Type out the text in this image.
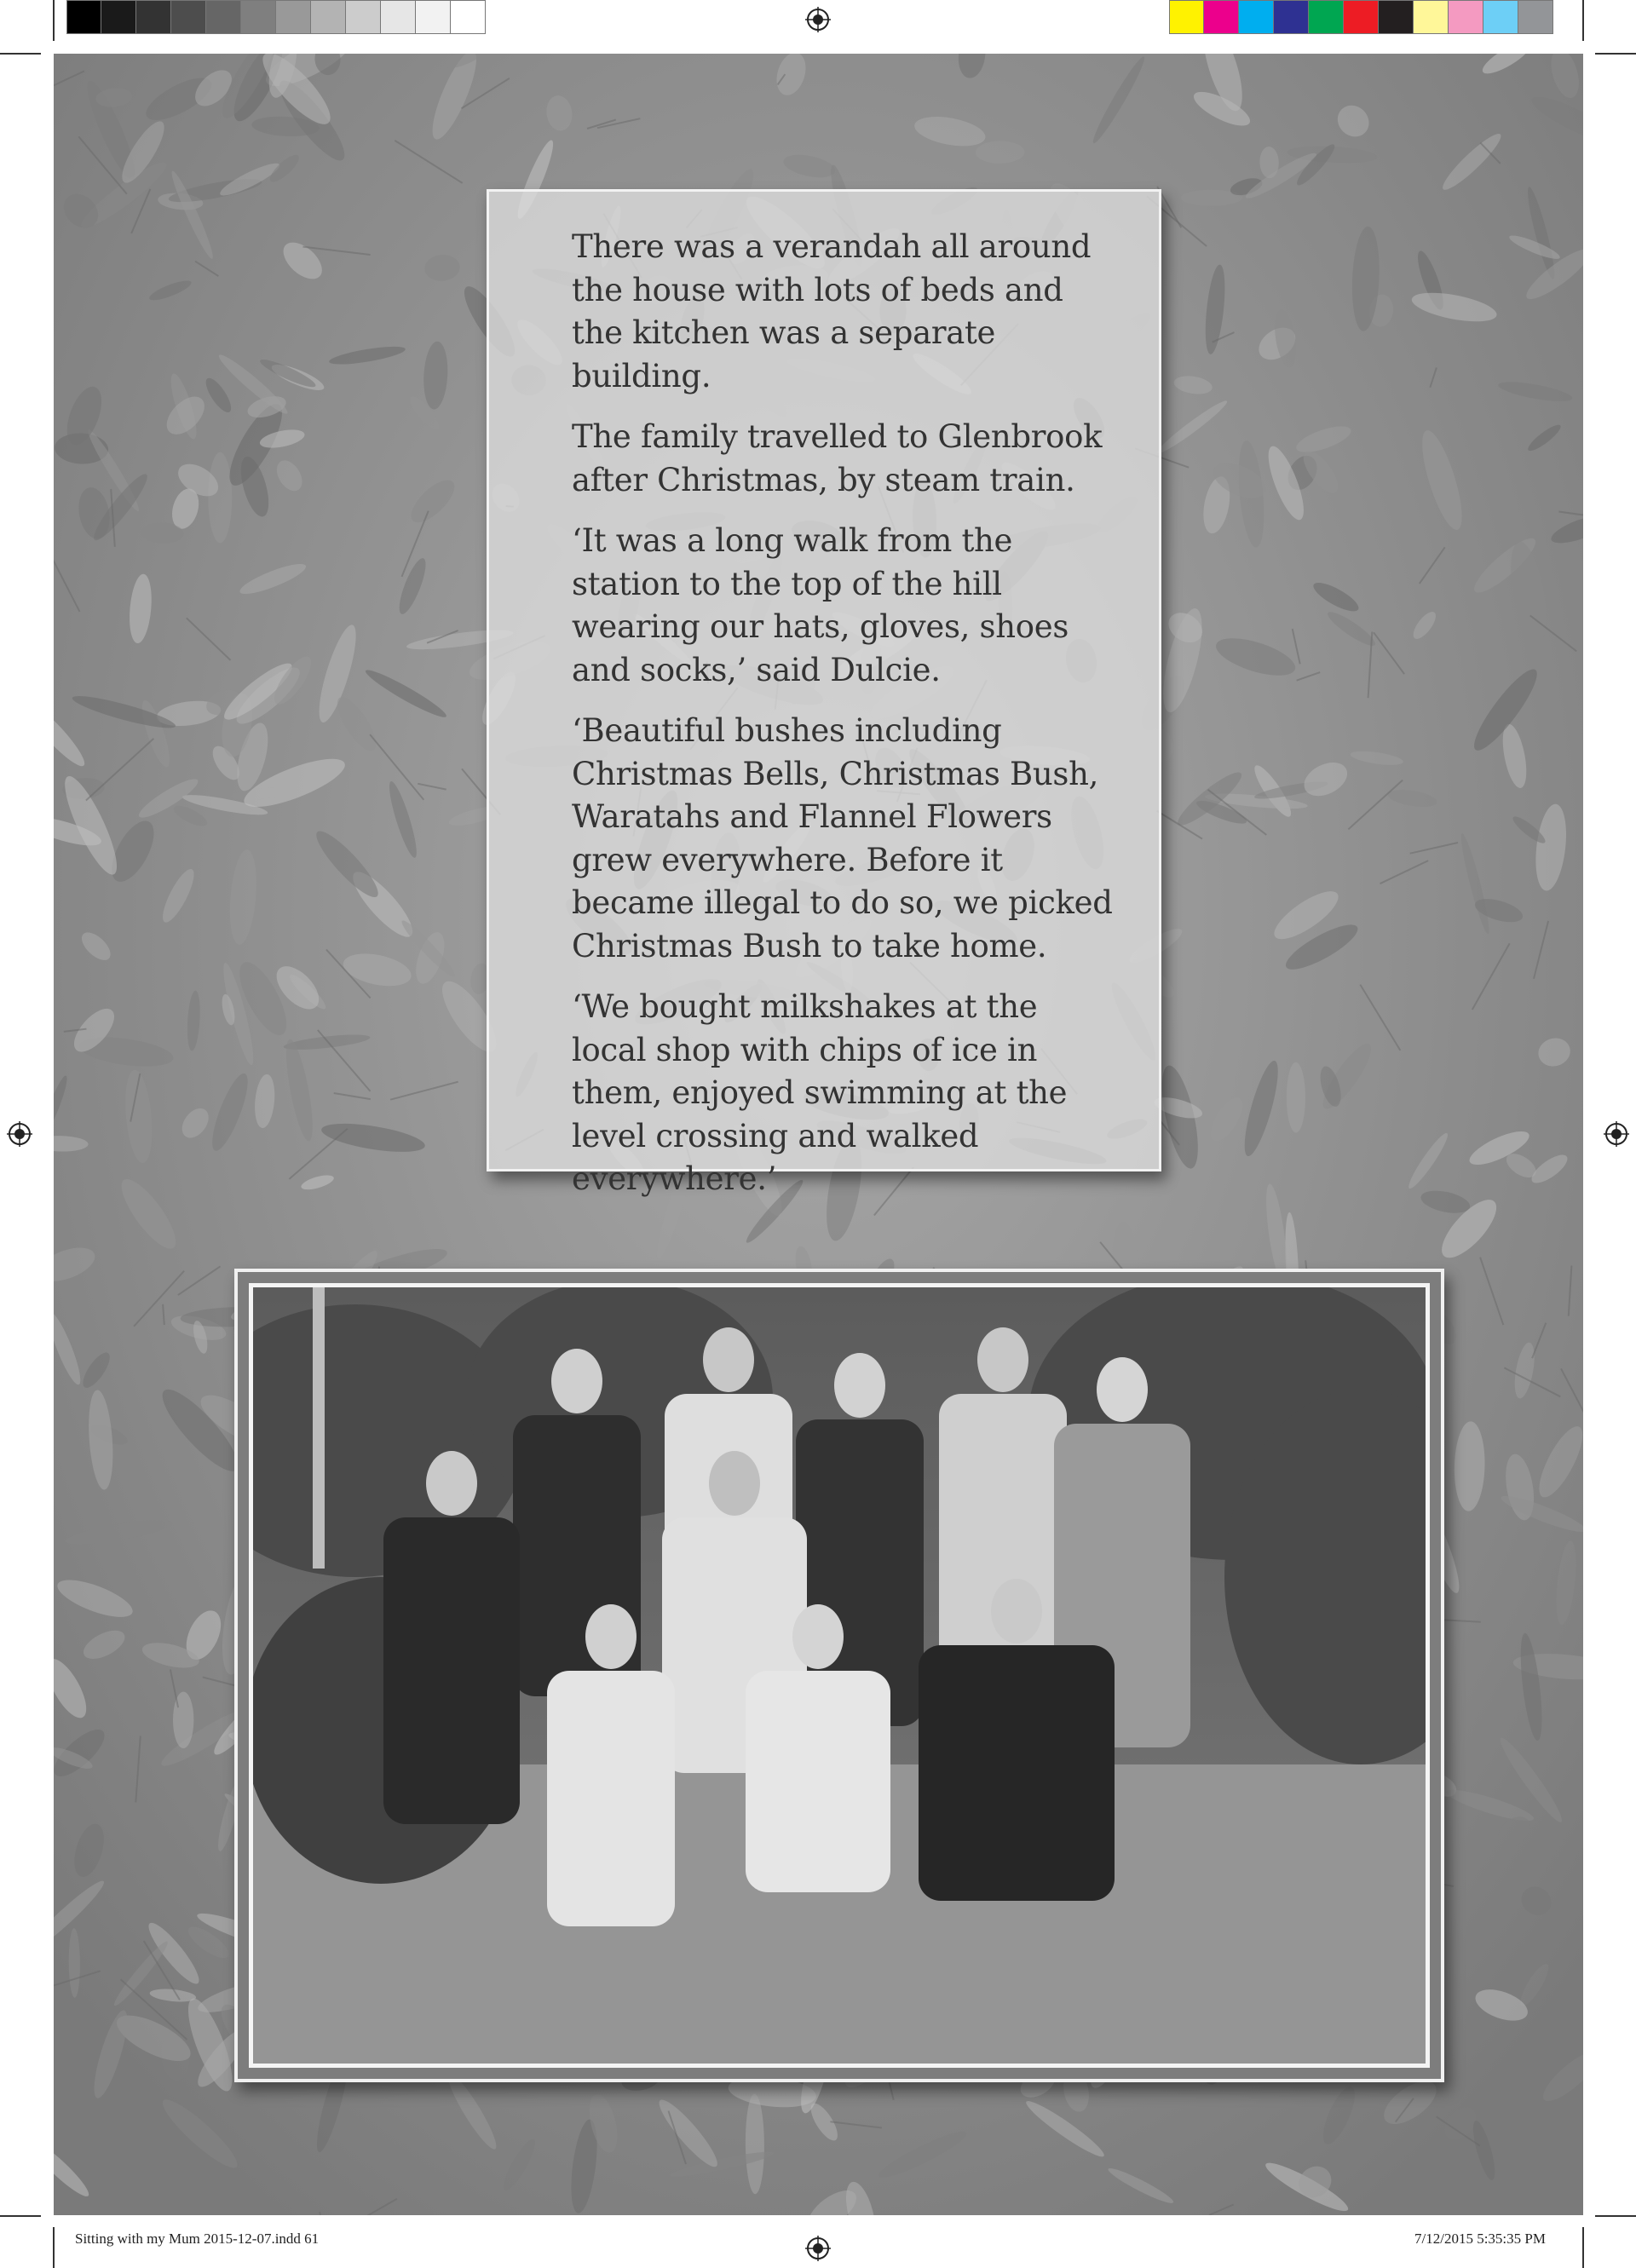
There was a verandah all around the house with lots of beds and the kitchen was a separate building.

The family travelled to Glenbrook after Christmas, by steam train.

‘It was a long walk from the station to the top of the hill wearing our hats, gloves, shoes and socks,’ said Dulcie.

‘Beautiful bushes including Christmas Bells, Christmas Bush, Waratahs and Flannel Flowers grew everywhere. Before it became illegal to do so, we picked Christmas Bush to take home.

‘We bought milkshakes at the local shop with chips of ice in them, enjoyed swimming at the level crossing and walked everywhere.’

Sitting with my Mum 2015-12-07.indd 61	7/12/2015 5:35:35 PM
